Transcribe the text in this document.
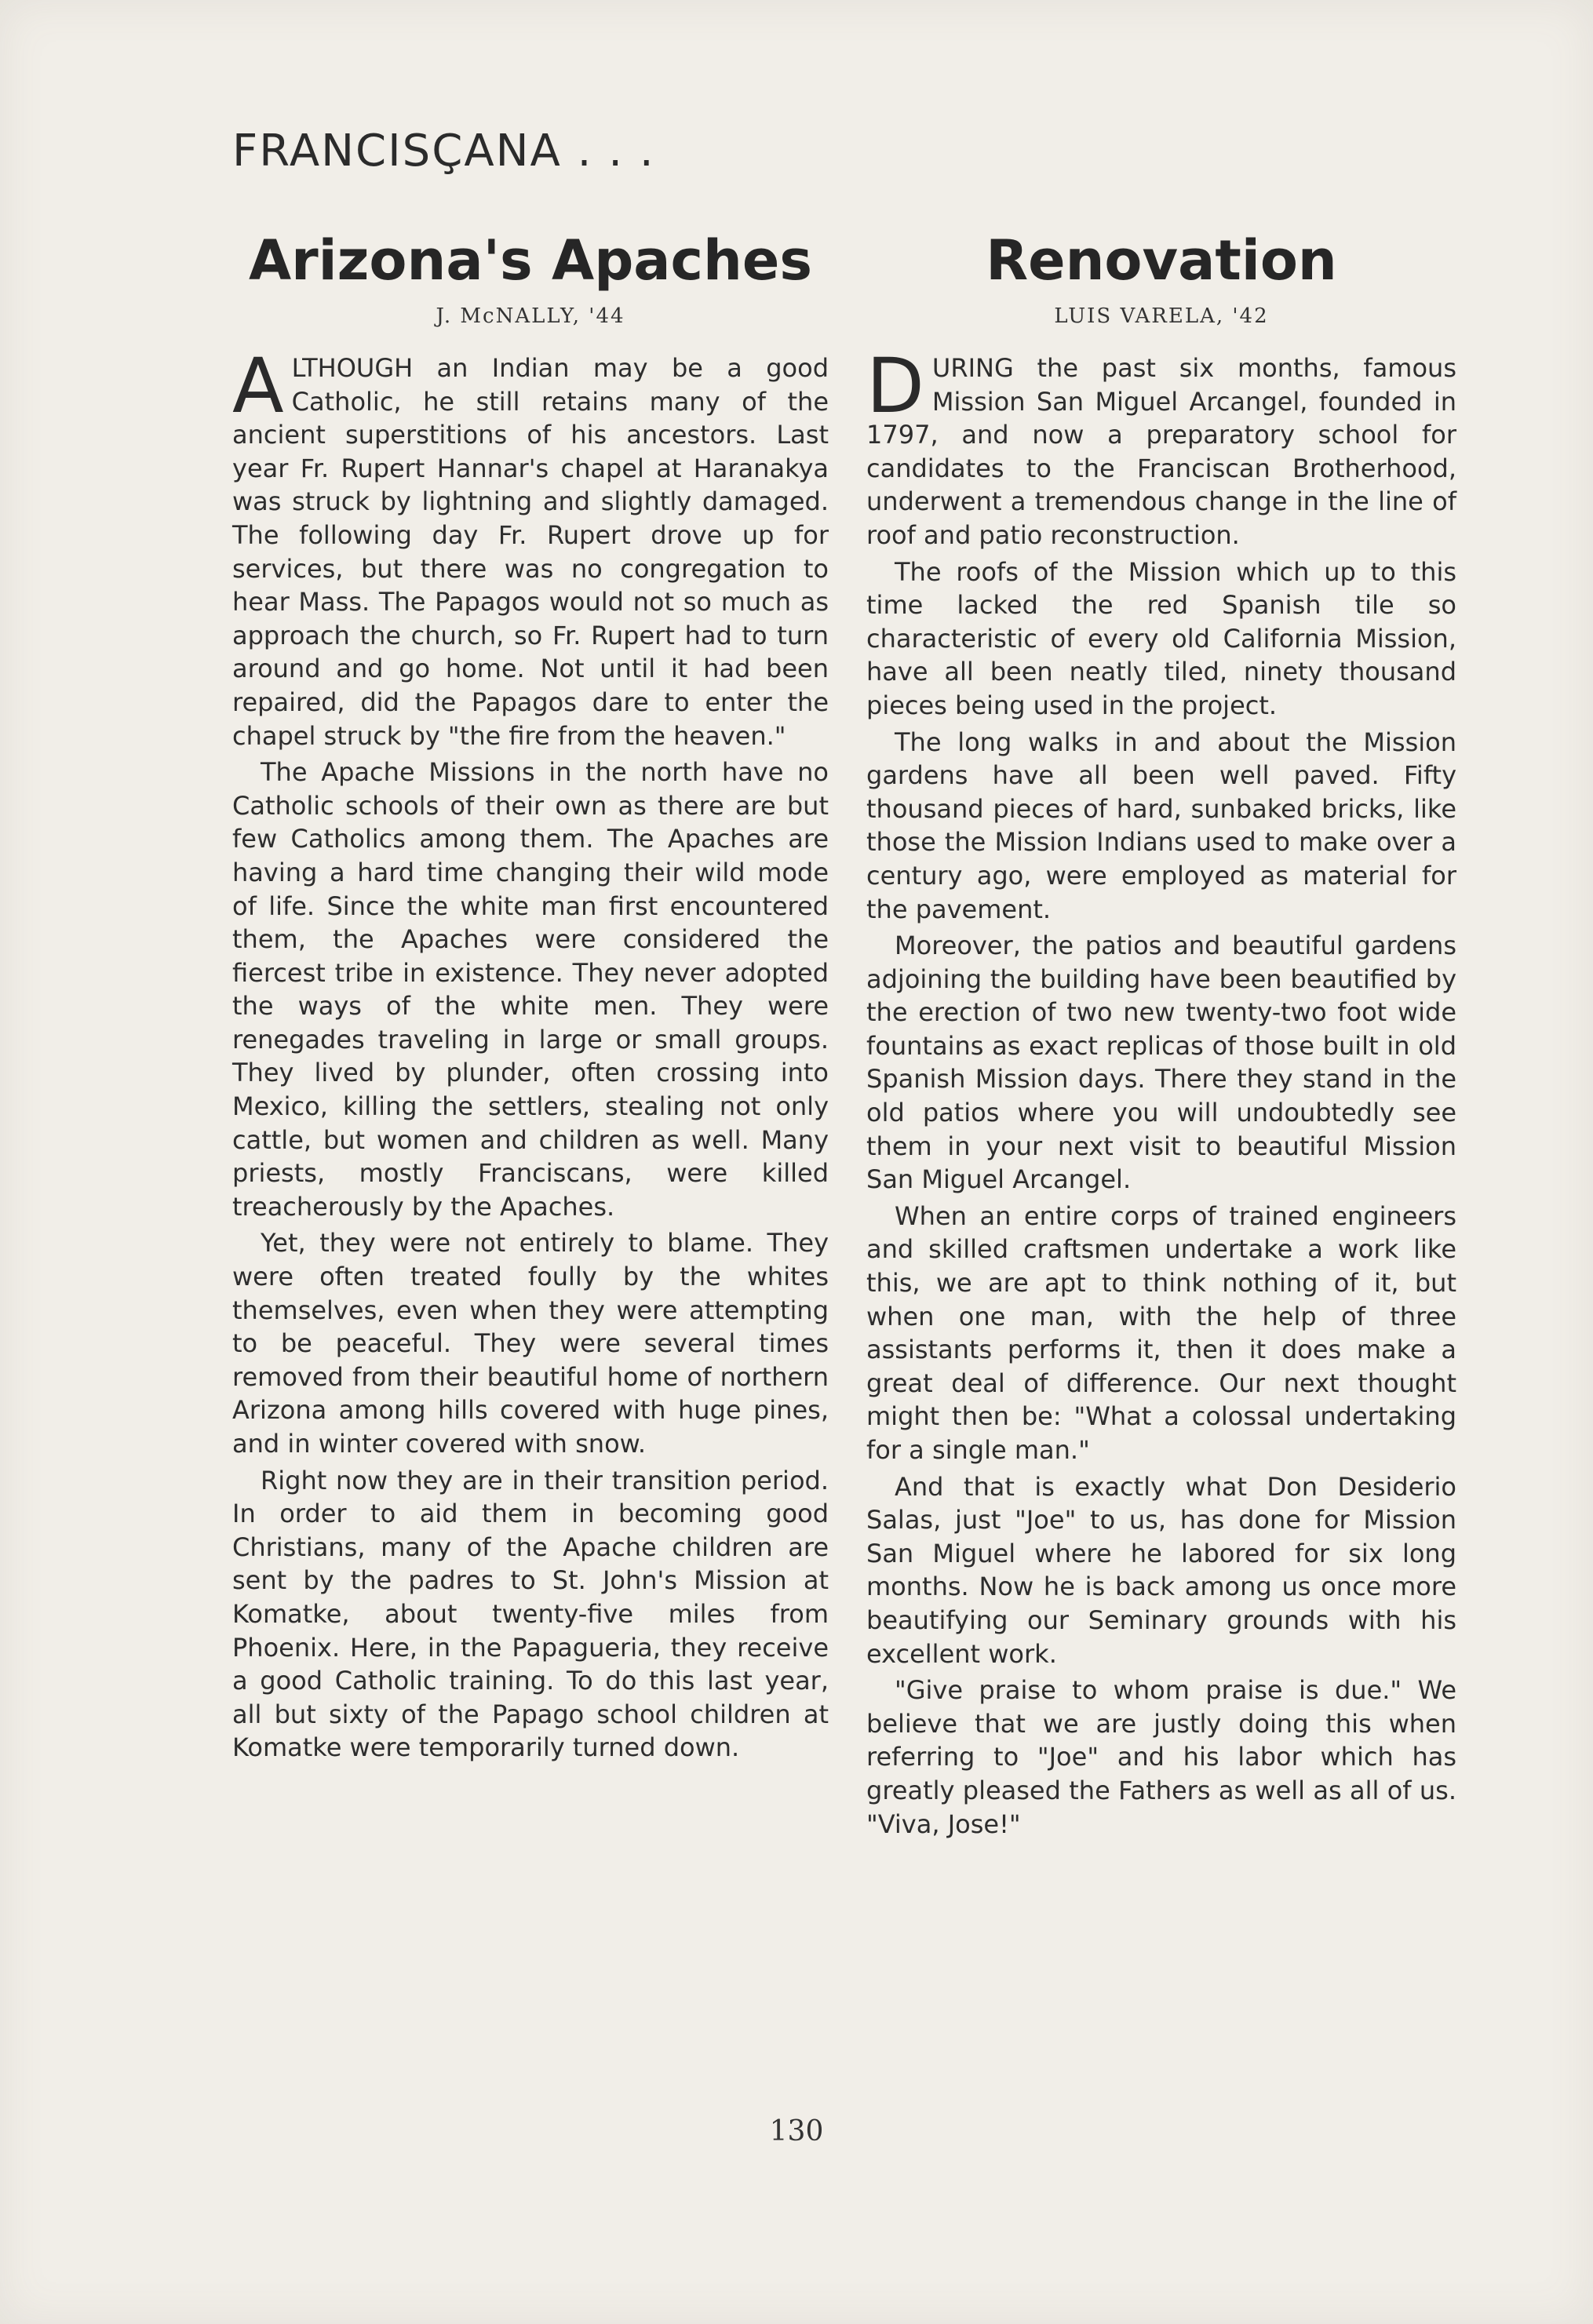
FRANCISÇANA . . .
Arizona's Apaches
J. McNALLY, '44

ALTHOUGH an Indian may be a good Catholic, he still retains many of the ancient superstitions of his ancestors. Last year Fr. Rupert Hannar's chapel at Haranakya was struck by lightning and slightly damaged. The following day Fr. Rupert drove up for services, but there was no congregation to hear Mass. The Papagos would not so much as approach the church, so Fr. Rupert had to turn around and go home. Not until it had been repaired, did the Papagos dare to enter the chapel struck by "the fire from the heaven."

The Apache Missions in the north have no Catholic schools of their own as there are but few Catholics among them. The Apaches are having a hard time changing their wild mode of life. Since the white man first encountered them, the Apaches were considered the fiercest tribe in existence. They never adopted the ways of the white men. They were renegades traveling in large or small groups. They lived by plunder, often crossing into Mexico, killing the settlers, stealing not only cattle, but women and children as well. Many priests, mostly Franciscans, were killed treacherously by the Apaches.

Yet, they were not entirely to blame. They were often treated foully by the whites themselves, even when they were attempting to be peaceful. They were several times removed from their beautiful home of northern Arizona among hills covered with huge pines, and in winter covered with snow.

Right now they are in their transition period. In order to aid them in becoming good Christians, many of the Apache children are sent by the padres to St. John's Mission at Komatke, about twenty-five miles from Phoenix. Here, in the Papagueria, they receive a good Catholic training. To do this last year, all but sixty of the Papago school children at Komatke were temporarily turned down.

Renovation
LUIS VARELA, '42

DURING the past six months, famous Mission San Miguel Arcangel, founded in 1797, and now a preparatory school for candidates to the Franciscan Brotherhood, underwent a tremendous change in the line of roof and patio reconstruction.

The roofs of the Mission which up to this time lacked the red Spanish tile so characteristic of every old California Mission, have all been neatly tiled, ninety thousand pieces being used in the project.

The long walks in and about the Mission gardens have all been well paved. Fifty thousand pieces of hard, sunbaked bricks, like those the Mission Indians used to make over a century ago, were employed as material for the pavement.

Moreover, the patios and beautiful gardens adjoining the building have been beautified by the erection of two new twenty-two foot wide fountains as exact replicas of those built in old Spanish Mission days. There they stand in the old patios where you will undoubtedly see them in your next visit to beautiful Mission San Miguel Arcangel.

When an entire corps of trained engineers and skilled craftsmen undertake a work like this, we are apt to think nothing of it, but when one man, with the help of three assistants performs it, then it does make a great deal of difference. Our next thought might then be: "What a colossal undertaking for a single man."

And that is exactly what Don Desiderio Salas, just "Joe" to us, has done for Mission San Miguel where he labored for six long months. Now he is back among us once more beautifying our Seminary grounds with his excellent work.

"Give praise to whom praise is due." We believe that we are justly doing this when referring to "Joe" and his labor which has greatly pleased the Fathers as well as all of us. "Viva, Jose!"

130
